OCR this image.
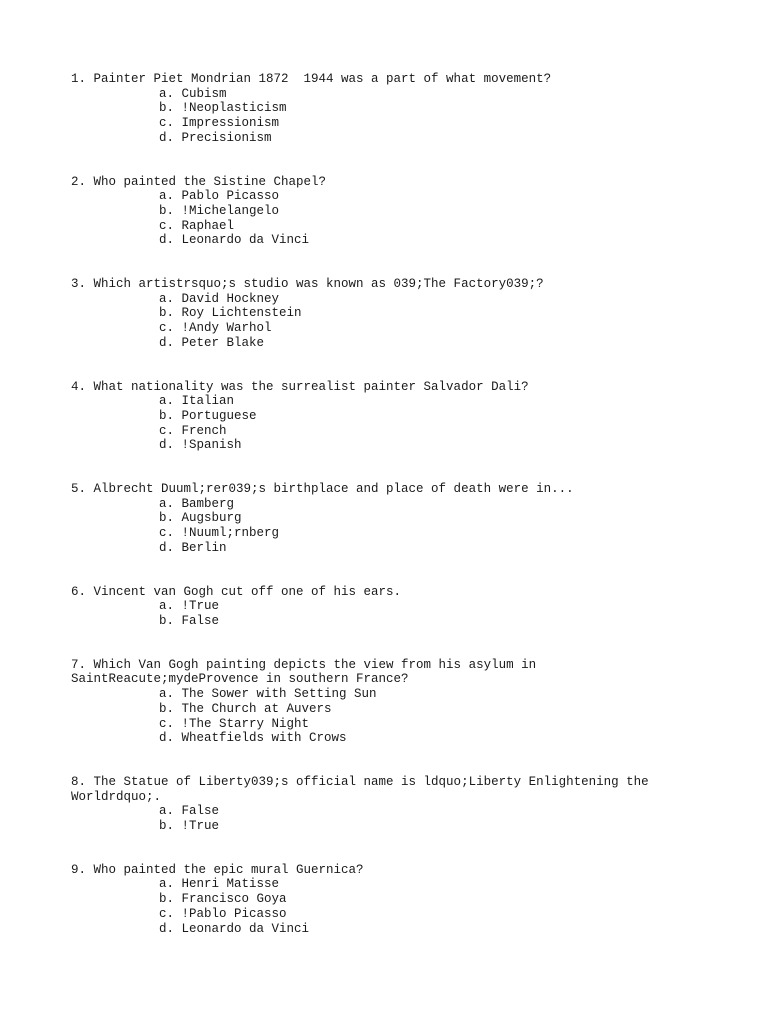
1. Painter Piet Mondrian 1872  1944 was a part of what movement?
a. Cubism
b. !Neoplasticism
c. Impressionism
d. Precisionism
2. Who painted the Sistine Chapel?
a. Pablo Picasso
b. !Michelangelo
c. Raphael
d. Leonardo da Vinci
3. Which artistrsquo;s studio was known as 039;The Factory039;?
a. David Hockney
b. Roy Lichtenstein
c. !Andy Warhol
d. Peter Blake
4. What nationality was the surrealist painter Salvador Dali?
a. Italian
b. Portuguese
c. French
d. !Spanish
5. Albrecht Duuml;rer039;s birthplace and place of death were in...
a. Bamberg
b. Augsburg
c. !Nuuml;rnberg
d. Berlin
6. Vincent van Gogh cut off one of his ears.
a. !True
b. False
7. Which Van Gogh painting depicts the view from his asylum in SaintReacute;mydeProvence in southern France?
a. The Sower with Setting Sun
b. The Church at Auvers
c. !The Starry Night
d. Wheatfields with Crows
8. The Statue of Liberty039;s official name is ldquo;Liberty Enlightening the Worldrdquo;.
a. False
b. !True
9. Who painted the epic mural Guernica?
a. Henri Matisse
b. Francisco Goya
c. !Pablo Picasso
d. Leonardo da Vinci
